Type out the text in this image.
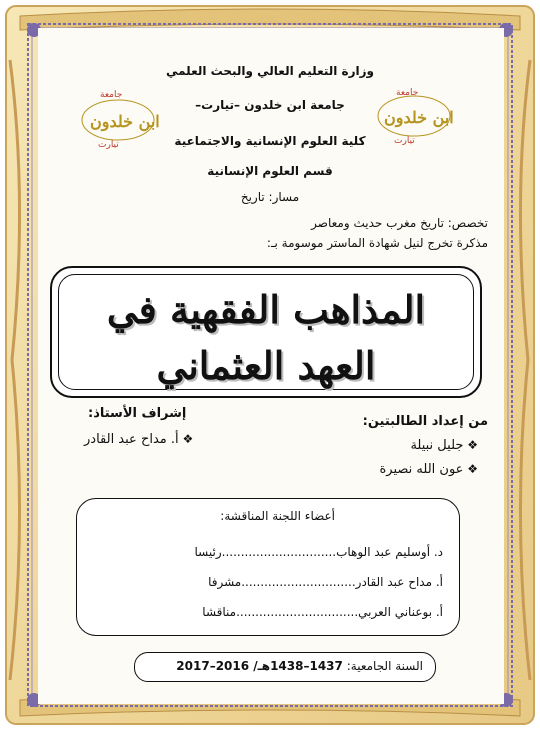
وزارة التعليم العالي والبحث العلمي
جامعة ابن خلدون –تيارت–
كلية العلوم الإنسانية والاجتماعية
قسم العلوم الإنسانية
مسار: تاريخ
تخصص: تاريخ مغرب حديث ومعاصر
مذكرة تخرج لنيل شهادة الماستر موسومة بـ:
جامعة
ابن خلدون
تيارت
جامعة
ابن خلدون
تيارت
المذاهب الفقهية في العهد العثماني
من إعداد الطالبتين:
❖ جليل نبيلة
❖ عون الله نصيرة
إشراف الأستاذ:
❖ أ. مداح عبد القادر
أعضاء اللجنة المناقشة:
د. أوسليم عبد الوهاب..............................رئيسا
أ. مداح عبد القادر..............................مشرفا
أ. بوعناني العربي................................مناقشا
السنة الجامعية: 1437–1438هـ/ 2016–2017
